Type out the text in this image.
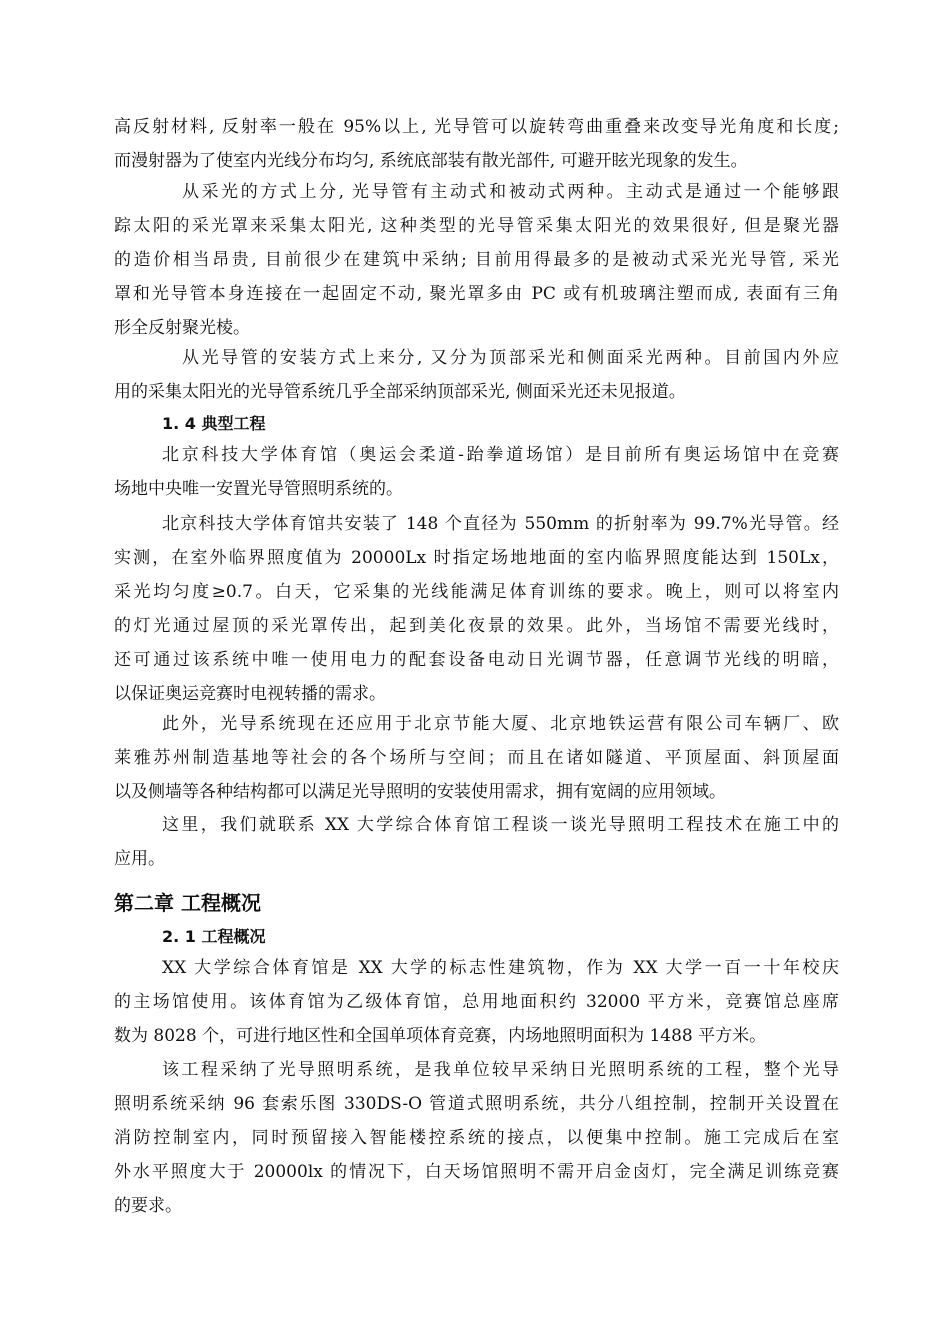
高反射材料, 反射率一般在 95%以上, 光导管可以旋转弯曲重叠来改变导光角度和长度;
而漫射器为了使室内光线分布均匀, 系统底部装有散光部件, 可避开眩光现象的发生。
从采光的方式上分, 光导管有主动式和被动式两种。主动式是通过一个能够跟
踪太阳的采光罩来采集太阳光, 这种类型的光导管采集太阳光的效果很好, 但是聚光器
的造价相当昂贵, 目前很少在建筑中采纳; 目前用得最多的是被动式采光光导管, 采光
罩和光导管本身连接在一起固定不动, 聚光罩多由 PC 或有机玻璃注塑而成, 表面有三角
形全反射聚光棱。
从光导管的安装方式上来分, 又分为顶部采光和侧面采光两种。目前国内外应
用的采集太阳光的光导管系统几乎全部采纳顶部采光, 侧面采光还未见报道。
1. 4 典型工程
北京科技大学体育馆（奥运会柔道-跆拳道场馆）是目前所有奥运场馆中在竞赛
场地中央唯一安置光导管照明系统的。
北京科技大学体育馆共安装了 148 个直径为 550mm 的折射率为 99.7%光导管。经
实测，在室外临界照度值为 20000Lx 时指定场地地面的室内临界照度能达到 150Lx，
采光均匀度≥0.7。白天，它采集的光线能满足体育训练的要求。晚上，则可以将室内
的灯光通过屋顶的采光罩传出，起到美化夜景的效果。此外，当场馆不需要光线时，
还可通过该系统中唯一使用电力的配套设备电动日光调节器，任意调节光线的明暗，
以保证奥运竞赛时电视转播的需求。
此外，光导系统现在还应用于北京节能大厦、北京地铁运营有限公司车辆厂、欧
莱雅苏州制造基地等社会的各个场所与空间；而且在诸如隧道、平顶屋面、斜顶屋面
以及侧墙等各种结构都可以满足光导照明的安装使用需求，拥有宽阔的应用领域。
这里，我们就联系 XX 大学综合体育馆工程谈一谈光导照明工程技术在施工中的
应用。
第二章 工程概况
2. 1 工程概况
XX 大学综合体育馆是 XX 大学的标志性建筑物，作为 XX 大学一百一十年校庆
的主场馆使用。该体育馆为乙级体育馆，总用地面积约 32000 平方米，竞赛馆总座席
数为 8028 个，可进行地区性和全国单项体育竞赛，内场地照明面积为 1488 平方米。
该工程采纳了光导照明系统，是我单位较早采纳日光照明系统的工程，整个光导
照明系统采纳 96 套索乐图 330DS-O 管道式照明系统，共分八组控制，控制开关设置在
消防控制室内，同时预留接入智能楼控系统的接点，以便集中控制。施工完成后在室
外水平照度大于 20000lx 的情况下，白天场馆照明不需开启金卤灯，完全满足训练竞赛
的要求。
